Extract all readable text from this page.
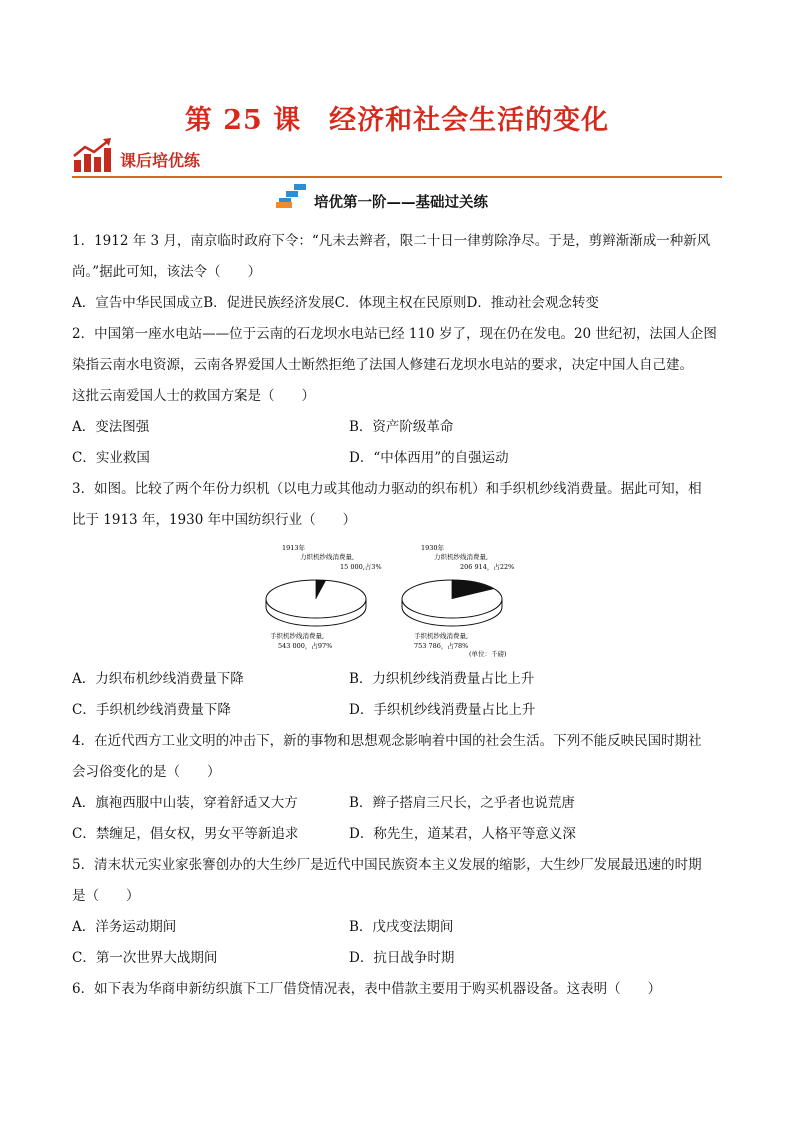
第 25 课　经济和社会生活的变化
课后培优练
培优第一阶——基础过关练

1．1912 年 3 月，南京临时政府下令：“凡未去辫者，限二十日一律剪除净尽。于是，剪辫渐渐成一种新风

尚。”据此可知，该法令（　　）

A．宣告中华民国成立 B．促进民族经济发展 C．体现主权在民原则 D．推动社会观念转变

2．中国第一座水电站——位于云南的石龙坝水电站已经 110 岁了，现在仍在发电。20 世纪初，法国人企图

染指云南水电资源，云南各界爱国人士断然拒绝了法国人修建石龙坝水电站的要求，决定中国人自己建。

这批云南爱国人士的救国方案是（　　）

A．变法图强	B．资产阶级革命
C．实业救国	D．“中体西用”的自强运动

3．如图。比较了两个年份力织机（以电力或其他动力驱动的织布机）和手织机纱线消费量。据此可知，相

比于 1913 年，1930 年中国纺织行业（　　）

1913年
力织机纱线消费量,
15 000,占3%
手织机纱线消费量,
543 000，占97%
1930年
力织机纱线消费量,
206 914，占22%
手织机纱线消费量,
753 786，占78%
(单位：千磅)
A．力织布机纱线消费量下降	B．力织机纱线消费量占比上升
C．手织机纱线消费量下降	D．手织机纱线消费量占比上升

4．在近代西方工业文明的冲击下，新的事物和思想观念影响着中国的社会生活。下列不能反映民国时期社

会习俗变化的是（　　）

A．旗袍西服中山装，穿着舒适又大方	B．辫子搭肩三尺长，之乎者也说荒唐
C．禁缠足，倡女权，男女平等新追求	D．称先生，道某君，人格平等意义深

5．清末状元实业家张謇创办的大生纱厂是近代中国民族资本主义发展的缩影，大生纱厂发展最迅速的时期

是（　　）

A．洋务运动期间	B．戊戌变法期间
C．第一次世界大战期间	D．抗日战争时期

6．如下表为华商申新纺织旗下工厂借贷情况表，表中借款主要用于购买机器设备。这表明（　　）
